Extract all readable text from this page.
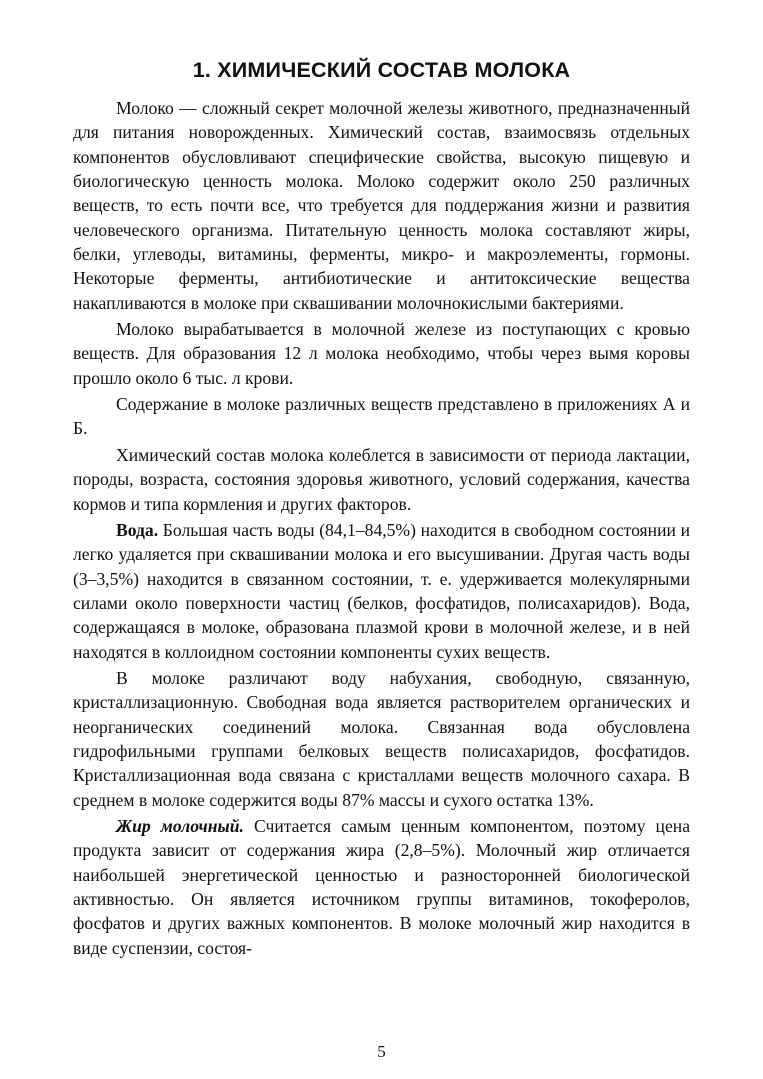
1. ХИМИЧЕСКИЙ СОСТАВ МОЛОКА

Молоко — сложный секрет молочной железы животного, предназначенный для питания новорожденных. Химический состав, взаимосвязь отдельных компонентов обусловливают специфические свойства, высокую пищевую и биологическую ценность молока. Молоко содержит около 250 различных веществ, то есть почти все, что требуется для поддержания жизни и развития человеческого организма. Питательную ценность молока составляют жиры, белки, углеводы, витамины, ферменты, микро- и макроэлементы, гормоны. Некоторые ферменты, антибиотические и антитоксические вещества накапливаются в молоке при сквашивании молочнокислыми бактериями.

Молоко вырабатывается в молочной железе из поступающих с кровью веществ. Для образования 12 л молока необходимо, чтобы через вымя коровы прошло около 6 тыс. л крови.

Содержание в молоке различных веществ представлено в приложениях А и Б.

Химический состав молока колеблется в зависимости от периода лактации, породы, возраста, состояния здоровья животного, условий содержания, качества кормов и типа кормления и других факторов.

Вода. Большая часть воды (84,1–84,5%) находится в свободном состоянии и легко удаляется при сквашивании молока и его высушивании. Другая часть воды (3–3,5%) находится в связанном состоянии, т. е. удерживается молекулярными силами около поверхности частиц (белков, фосфатидов, полисахаридов). Вода, содержащаяся в молоке, образована плазмой крови в молочной железе, и в ней находятся в коллоидном состоянии компоненты сухих веществ.

В молоке различают воду набухания, свободную, связанную, кристаллизационную. Свободная вода является растворителем органических и неорганических соединений молока. Связанная вода обусловлена гидрофильными группами белковых веществ полисахаридов, фосфатидов. Кристаллизационная вода связана с кристаллами веществ молочного сахара. В среднем в молоке содержится воды 87% массы и сухого остатка 13%.

Жир молочный. Считается самым ценным компонентом, поэтому цена продукта зависит от содержания жира (2,8–5%). Молочный жир отличается наибольшей энергетической ценностью и разносторонней биологической активностью. Он является источником группы витаминов, токоферолов, фосфатов и других важных компонентов. В молоке молочный жир находится в виде суспензии, состоя-

5
